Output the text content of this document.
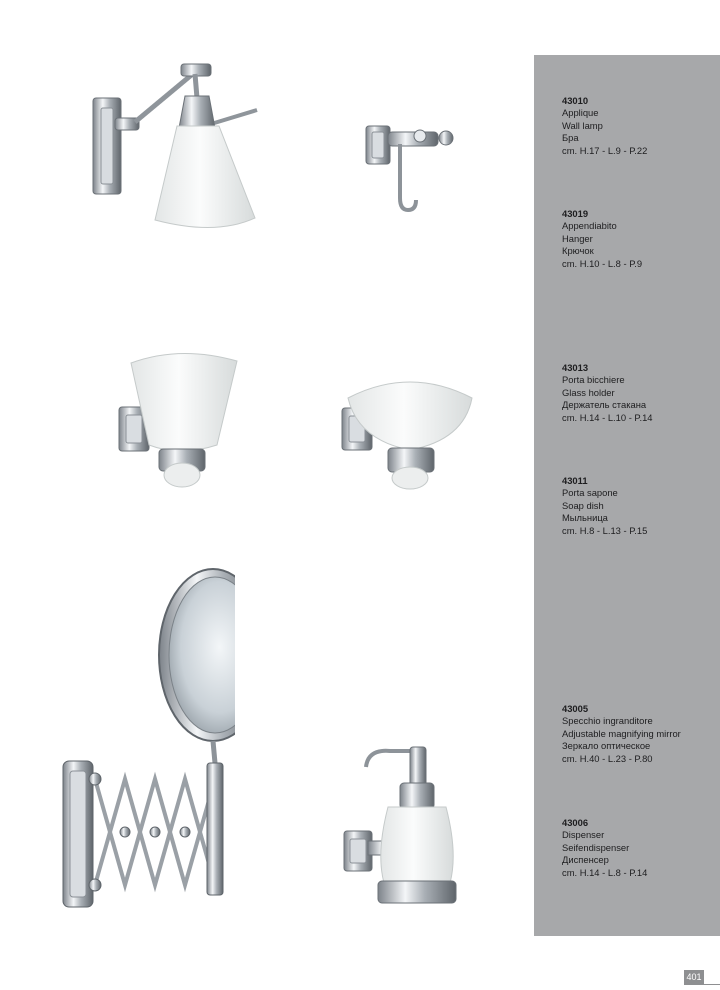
43010
Applique
Wall lamp
Бра
cm. H.17 - L.9 - P.22
43019
Appendiabito
Hanger
Крючок
cm. H.10 - L.8 - P.9
43013
Porta bicchiere
Glass holder
Держатель стакана
cm. H.14 - L.10 - P.14
43011
Porta sapone
Soap dish
Мыльница
cm. H.8 - L.13 - P.15
43005
Specchio ingranditore
Adjustable magnifying mirror
Зеркало оптическое
cm. H.40 - L.23 - P.80
43006
Dispenser
Seifendispenser
Диспенсер
cm. H.14 - L.8 - P.14
401
